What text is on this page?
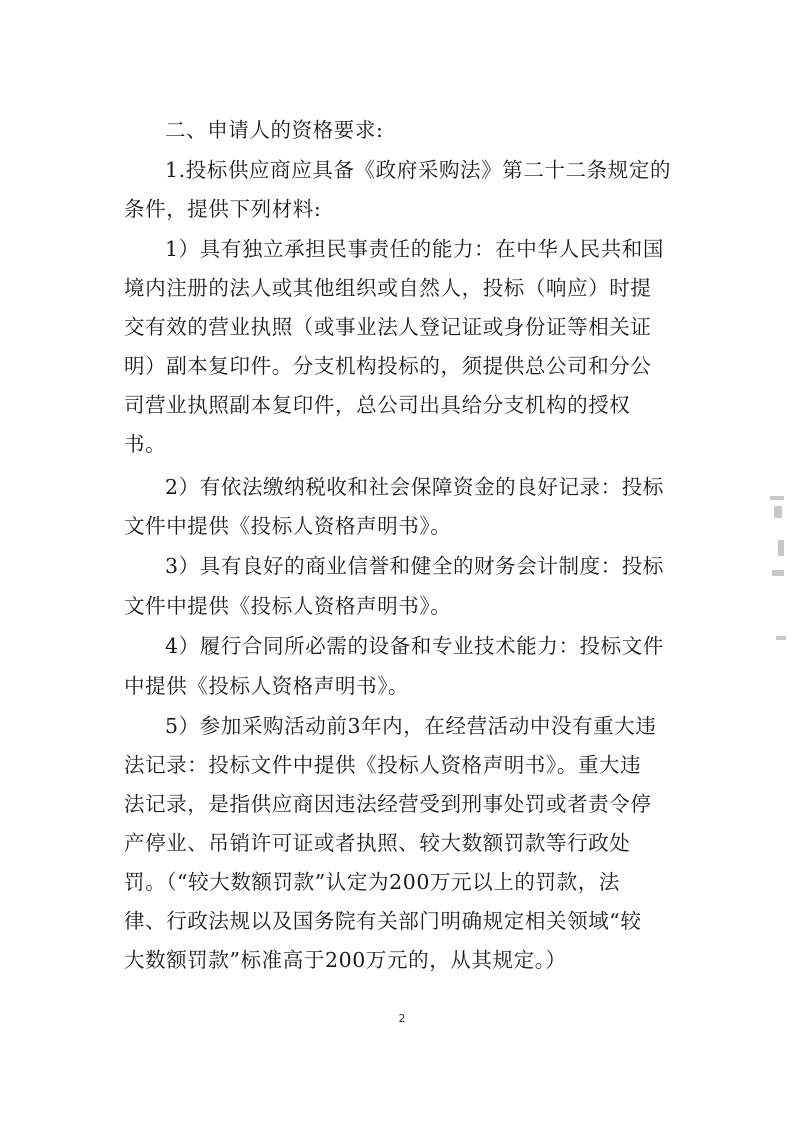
二、申请人的资格要求:
1.投标供应商应具备《政府采购法》第二十二条规定的
条件，提供下列材料:
1）具有独立承担民事责任的能力：在中华人民共和国
境内注册的法人或其他组织或自然人，投标（响应）时提
交有效的营业执照（或事业法人登记证或身份证等相关证
明）副本复印件。分支机构投标的，须提供总公司和分公
司营业执照副本复印件，总公司出具给分支机构的授权
书。
2）有依法缴纳税收和社会保障资金的良好记录：投标
文件中提供《投标人资格声明书》。
3）具有良好的商业信誉和健全的财务会计制度：投标
文件中提供《投标人资格声明书》。
4）履行合同所必需的设备和专业技术能力：投标文件
中提供《投标人资格声明书》。
5）参加采购活动前3年内，在经营活动中没有重大违
法记录：投标文件中提供《投标人资格声明书》。重大违
法记录，是指供应商因违法经营受到刑事处罚或者责令停
产停业、吊销许可证或者执照、较大数额罚款等行政处
罚。（“较大数额罚款”认定为200万元以上的罚款，法
律、行政法规以及国务院有关部门明确规定相关领域“较
大数额罚款”标准高于200万元的，从其规定。）
2
